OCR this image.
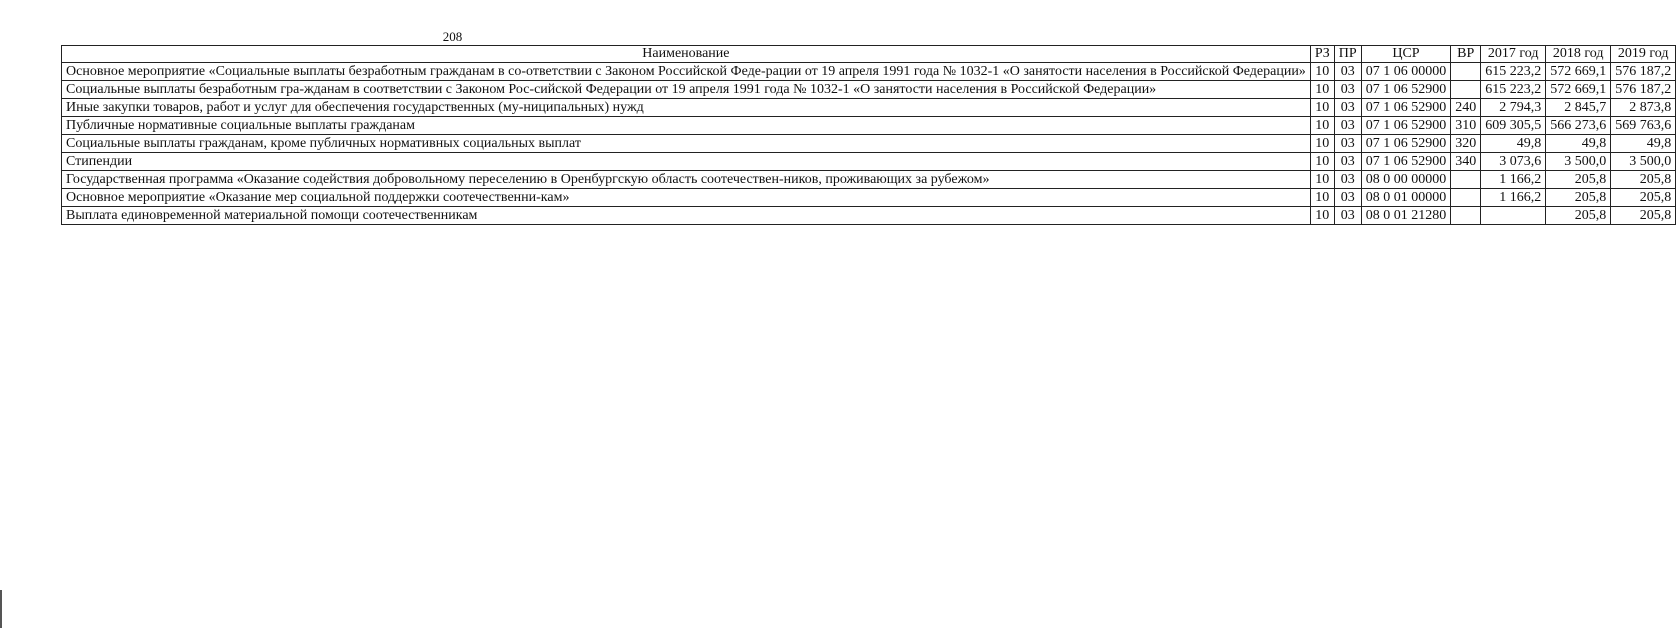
208
Наименование	РЗ	ПР	ЦСР	ВР	2017 год	2018 год	2019 год
Основное мероприятие «Социальные выплаты безработным гражданам в со-ответствии с Законом Российской Феде-рации от 19 апреля 1991 года № 1032-1 «О занятости населения в Российской Федерации»	10	03	07 1 06 00000		615 223,2	572 669,1	576 187,2
Социальные выплаты безработным гра-жданам в соответствии с Законом Рос-сийской Федерации от 19 апреля 1991 года № 1032-1 «О занятости населения в Российской Федерации»	10	03	07 1 06 52900		615 223,2	572 669,1	576 187,2
Иные закупки товаров, работ и услуг для обеспечения государственных (му-ниципальных) нужд	10	03	07 1 06 52900	240	2 794,3	2 845,7	2 873,8
Публичные нормативные социальные выплаты гражданам	10	03	07 1 06 52900	310	609 305,5	566 273,6	569 763,6
Социальные выплаты гражданам, кроме публичных нормативных социальных выплат	10	03	07 1 06 52900	320	49,8	49,8	49,8
Стипендии	10	03	07 1 06 52900	340	3 073,6	3 500,0	3 500,0
Государственная программа «Оказание содействия добровольному переселению в Оренбургскую область соотечествен-ников, проживающих за рубежом»	10	03	08 0 00 00000		1 166,2	205,8	205,8
Основное мероприятие «Оказание мер социальной поддержки соотечественни-кам»	10	03	08 0 01 00000		1 166,2	205,8	205,8
Выплата единовременной материальной помощи соотечественникам	10	03	08 0 01 21280			205,8	205,8
